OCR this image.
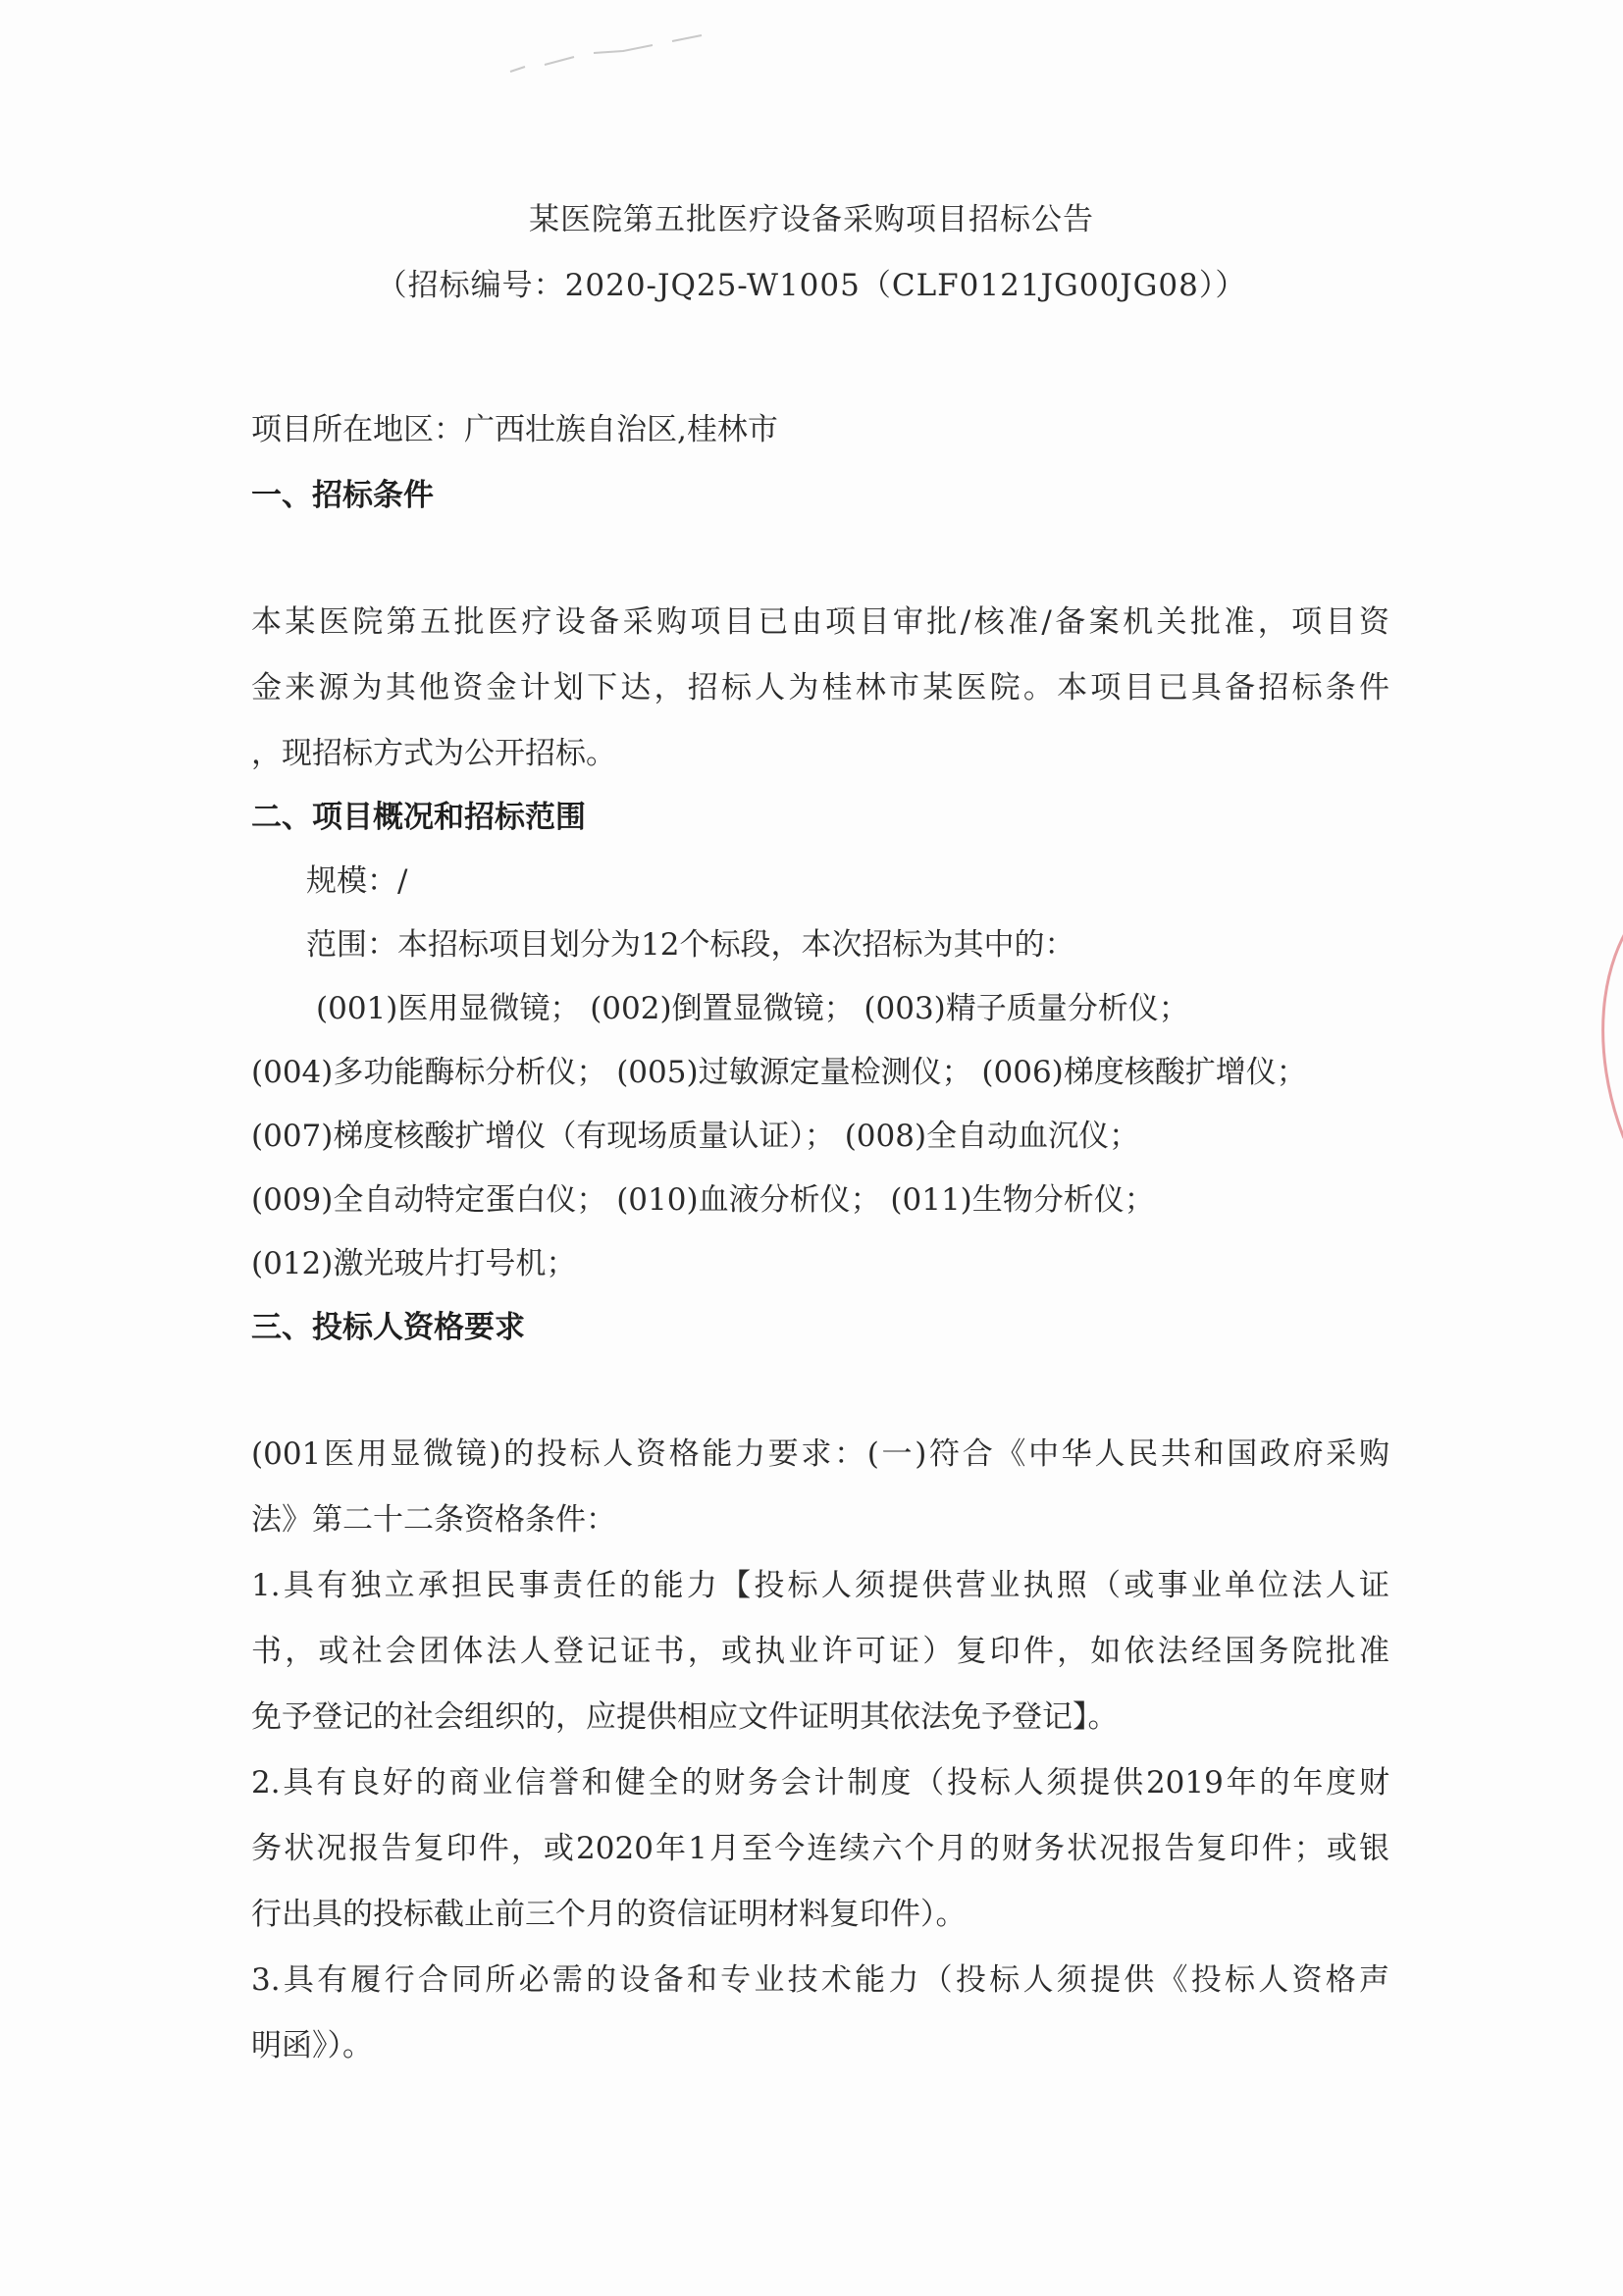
某医院第五批医疗设备采购项目招标公告
（招标编号：2020-JQ25-W1005（CLF0121JG00JG08））
项目所在地区：广西壮族自治区,桂林市
一、招标条件
本某医院第五批医疗设备采购项目已由项目审批/核准/备案机关批准，项目资
金来源为其他资金计划下达，招标人为桂林市某医院。本项目已具备招标条件
，现招标方式为公开招标。
二、项目概况和招标范围
规模：/
范围：本招标项目划分为12个标段，本次招标为其中的：
(001)医用显微镜； (002)倒置显微镜； (003)精子质量分析仪；
(004)多功能酶标分析仪； (005)过敏源定量检测仪； (006)梯度核酸扩增仪；
(007)梯度核酸扩增仪（有现场质量认证）； (008)全自动血沉仪；
(009)全自动特定蛋白仪； (010)血液分析仪； (011)生物分析仪；
(012)激光玻片打号机；
三、投标人资格要求
(001医用显微镜)的投标人资格能力要求：(一)符合《中华人民共和国政府采购
法》第二十二条资格条件：
1.具有独立承担民事责任的能力【投标人须提供营业执照（或事业单位法人证
书，或社会团体法人登记证书，或执业许可证）复印件，如依法经国务院批准
免予登记的社会组织的，应提供相应文件证明其依法免予登记】。
2.具有良好的商业信誉和健全的财务会计制度（投标人须提供2019年的年度财
务状况报告复印件，或2020年1月至今连续六个月的财务状况报告复印件；或银
行出具的投标截止前三个月的资信证明材料复印件）。
3.具有履行合同所必需的设备和专业技术能力（投标人须提供《投标人资格声
明函》）。
